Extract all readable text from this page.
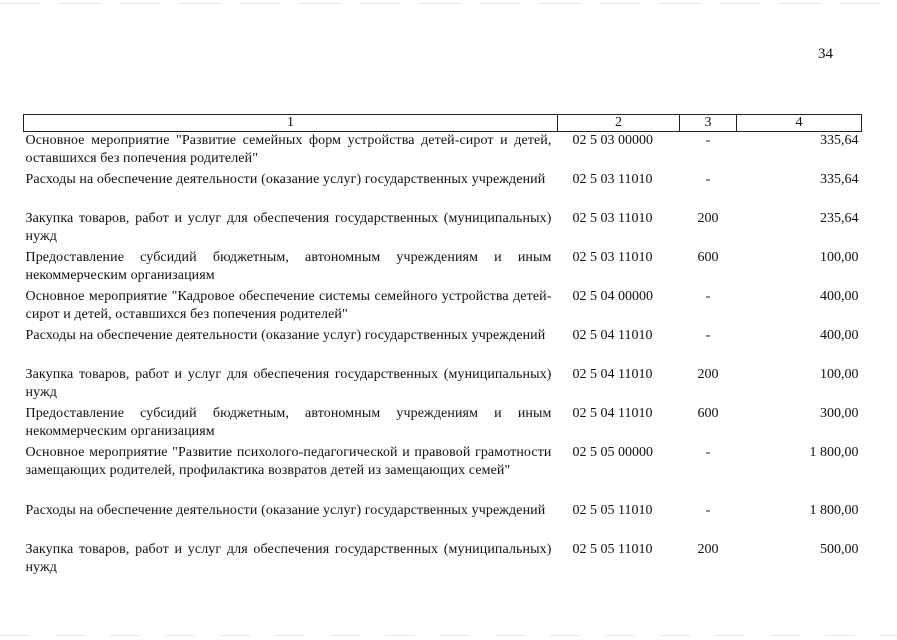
34
1	2	3	4
Основное мероприятие "Развитие семейных форм устройства детей-сирот и детей, оставшихся без попечения родителей"	02 5 03 00000	-	335,64
Расходы на обеспечение деятельности (оказание услуг) государственных учреждений	02 5 03 11010	-	335,64
Закупка товаров, работ и услуг для обеспечения государственных (муниципальных) нужд	02 5 03 11010	200	235,64
Предоставление субсидий бюджетным, автономным учреждениям и иным некоммерческим организациям	02 5 03 11010	600	100,00
Основное мероприятие "Кадровое обеспечение системы семейного устройства детей-сирот и детей, оставшихся без попечения родителей"	02 5 04 00000	-	400,00
Расходы на обеспечение деятельности (оказание услуг) государственных учреждений	02 5 04 11010	-	400,00
Закупка товаров, работ и услуг для обеспечения государственных (муниципальных) нужд	02 5 04 11010	200	100,00
Предоставление субсидий бюджетным, автономным учреждениям и иным некоммерческим организациям	02 5 04 11010	600	300,00
Основное мероприятие "Развитие психолого-педагогической и правовой грамотности замещающих родителей, профилактика возвратов детей из замещающих семей"	02 5 05 00000	-	1 800,00
Расходы на обеспечение деятельности (оказание услуг) государственных учреждений	02 5 05 11010	-	1 800,00
Закупка товаров, работ и услуг для обеспечения государственных (муниципальных) нужд	02 5 05 11010	200	500,00
